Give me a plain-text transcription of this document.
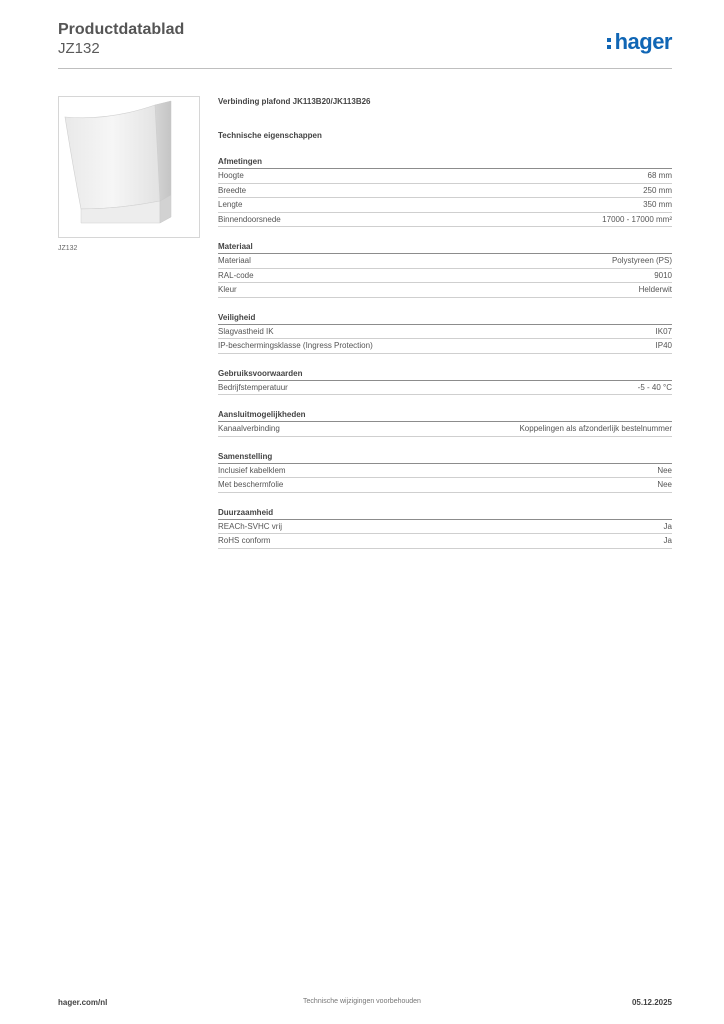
Productdatablad
JZ132	hager
JZ132
Verbinding plafond JK113B20/JK113B26
Technische eigenschappen
Afmetingen
Hoogte	68 mm
Breedte	250 mm
Lengte	350 mm
Binnendoorsnede	17000 - 17000 mm²
Materiaal
Materiaal	Polystyreen (PS)
RAL-code	9010
Kleur	Helderwit
Veiligheid
Slagvastheid IK	IK07
IP-beschermingsklasse (Ingress Protection)	IP40
Gebruiksvoorwaarden
Bedrijfstemperatuur	-5 - 40 °C
Aansluitmogelijkheden
Kanaalverbinding	Koppelingen als afzonderlijk bestelnummer
Samenstelling
Inclusief kabelklem	Nee
Met beschermfolie	Nee
Duurzaamheid
REACh-SVHC vrij	Ja
RoHS conform	Ja
hager.com/nl	Technische wijzigingen voorbehouden	05.12.2025
